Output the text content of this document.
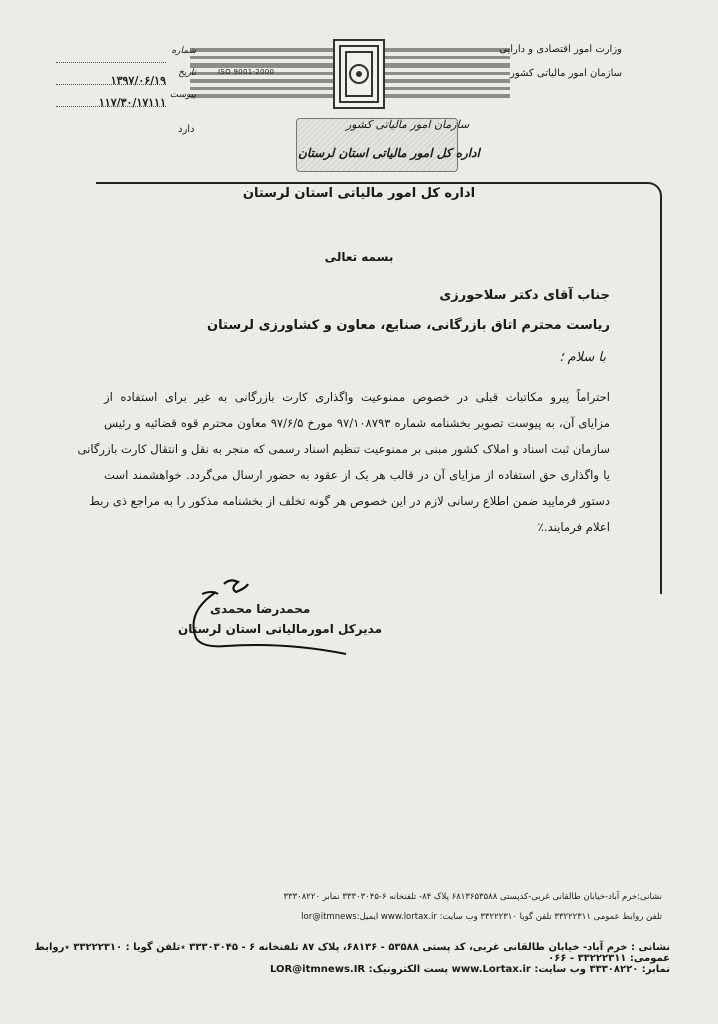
وزارت امور اقتصادی و دارایی
سازمان امور مالیاتی کشور
ISO 9001-2000
شماره
تاریخ
۱۳۹۷/۰۶/۱۹
پیوست
۱۱۷/۳۰/۱۷۱۱۱
دارد	سازمان امور مالیاتی کشور
اداره کل امور مالیاتی استان لرستان
اداره کل امور مالیاتی استان لرستان
بسمه تعالی
جناب آقای دکتر سلاحورزی
ریاست محترم اتاق بازرگانی، صنایع، معاون و کشاورزی لرستان
با سلام ؛
احتراماً پیرو مکاتبات قبلی در خصوص ممنوعیت واگذاری کارت بازرگانی به غیر برای استفاده از
مزایای آن، به پیوست تصویر بخشنامه شماره ۹۷/۱۰۸۷۹۳ مورخ ۹۷/۶/۵ معاون محترم قوه قضائیه و رئیس
سازمان ثبت اسناد و املاک کشور مبنی بر ممنوعیت تنظیم اسناد رسمی که منجر به نقل و انتقال کارت بازرگانی
یا واگذاری حق استفاده از مزایای آن در قالب هر یک از عقود به حضور ارسال می‌گردد. خواهشمند است
دستور فرمایید ضمن اطلاع رسانی لازم در این خصوص هر گونه تخلف از بخشنامه مذکور را به مراجع ذی ربط
اعلام فرمایند.٪
محمدرضا محمدی
مدیرکل امورمالیاتی استان لرستان
نشانی:خرم آباد-خیابان طالقانی غربی-کدپستی ۶۸۱۳۶۵۳۵۸۸ پلاک ۸۴- تلفنخانه ۶-۳۳۳۰۳۰۴۵ نمابر ۳۳۳۰۸۲۲۰
تلفن روابط عمومی ۳۳۲۲۲۳۱۱ تلفن گویا ۳۳۲۲۲۳۱۰ وب سایت: www.lortax.ir ایمیل:lor@itmnews
نشانی : خرم آباد- خیابان طالقانی غربی، کد پستی ۵۳۵۸۸ - ۶۸۱۳۶، پلاک ۸۷ تلفنخانه ۶ - ۳۳۳۰۳۰۴۵ ٭تلفن گویا : ۳۳۲۲۲۳۱۰ ٭روابط عمومی: ۳۳۲۲۲۳۱۱ - ۰۶۶
نمابر: ۳۳۳۰۸۲۲۰ وب سایت: www.Lortax.ir پست الکترونیک: LOR@itmnews.IR
